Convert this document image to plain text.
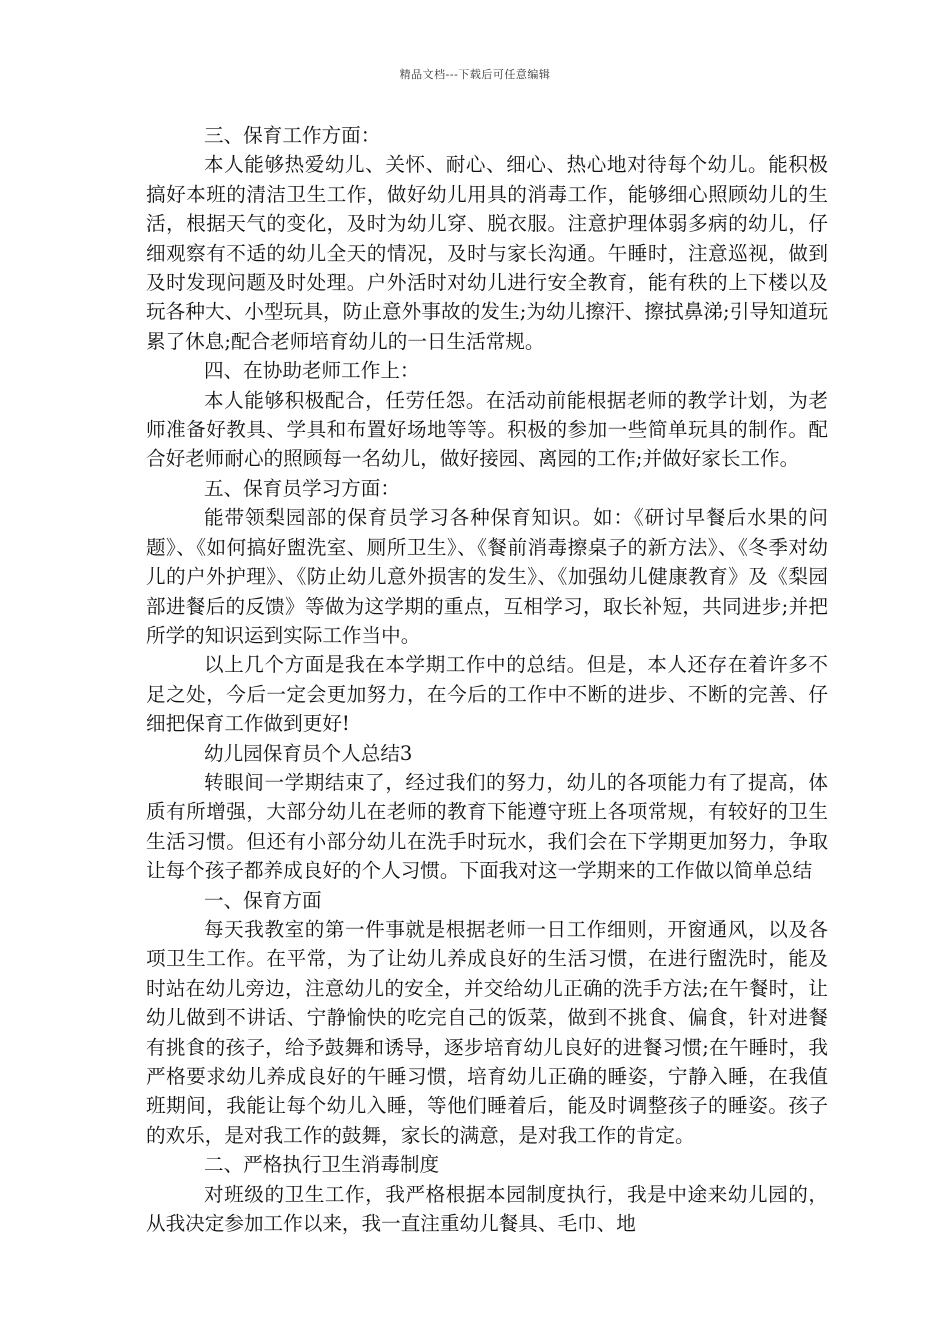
精品文档---下载后可任意编辑

三、保育工作方面：

本人能够热爱幼儿、关怀、耐心、细心、热心地对待每个幼儿。能积极搞好本班的清洁卫生工作，做好幼儿用具的消毒工作，能够细心照顾幼儿的生活，根据天气的变化，及时为幼儿穿、脱衣服。注意护理体弱多病的幼儿，仔细观察有不适的幼儿全天的情况，及时与家长沟通。午睡时，注意巡视，做到及时发现问题及时处理。户外活时对幼儿进行安全教育，能有秩的上下楼以及玩各种大、小型玩具，防止意外事故的发生;为幼儿擦汗、擦拭鼻涕;引导知道玩累了休息;配合老师培育幼儿的一日生活常规。

四、在协助老师工作上：

本人能够积极配合，任劳任怨。在活动前能根据老师的教学计划，为老师准备好教具、学具和布置好场地等等。积极的参加一些简单玩具的制作。配合好老师耐心的照顾每一名幼儿，做好接园、离园的工作;并做好家长工作。

五、保育员学习方面：

能带领梨园部的保育员学习各种保育知识。如：《研讨早餐后水果的问题》、《如何搞好盥洗室、厕所卫生》、《餐前消毒擦桌子的新方法》、《冬季对幼儿的户外护理》、《防止幼儿意外损害的发生》、《加强幼儿健康教育》及《梨园部进餐后的反馈》等做为这学期的重点，互相学习，取长补短，共同进步;并把所学的知识运到实际工作当中。

以上几个方面是我在本学期工作中的总结。但是，本人还存在着许多不足之处，今后一定会更加努力，在今后的工作中不断的进步、不断的完善、仔细把保育工作做到更好!

幼儿园保育员个人总结3

转眼间一学期结束了，经过我们的努力，幼儿的各项能力有了提高，体质有所增强，大部分幼儿在老师的教育下能遵守班上各项常规，有较好的卫生生活习惯。但还有小部分幼儿在洗手时玩水，我们会在下学期更加努力，争取让每个孩子都养成良好的个人习惯。下面我对这一学期来的工作做以简单总结

一、保育方面

每天我教室的第一件事就是根据老师一日工作细则，开窗通风，以及各项卫生工作。在平常，为了让幼儿养成良好的生活习惯，在进行盥洗时，能及时站在幼儿旁边，注意幼儿的安全，并交给幼儿正确的洗手方法;在午餐时，让幼儿做到不讲话、宁静愉快的吃完自己的饭菜，做到不挑食、偏食，针对进餐有挑食的孩子，给予鼓舞和诱导，逐步培育幼儿良好的进餐习惯;在午睡时，我严格要求幼儿养成良好的午睡习惯，培育幼儿正确的睡姿，宁静入睡，在我值班期间，我能让每个幼儿入睡，等他们睡着后，能及时调整孩子的睡姿。孩子的欢乐，是对我工作的鼓舞，家长的满意，是对我工作的肯定。

二、严格执行卫生消毒制度

对班级的卫生工作，我严格根据本园制度执行，我是中途来幼儿园的，从我决定参加工作以来，我一直注重幼儿餐具、毛巾、地
